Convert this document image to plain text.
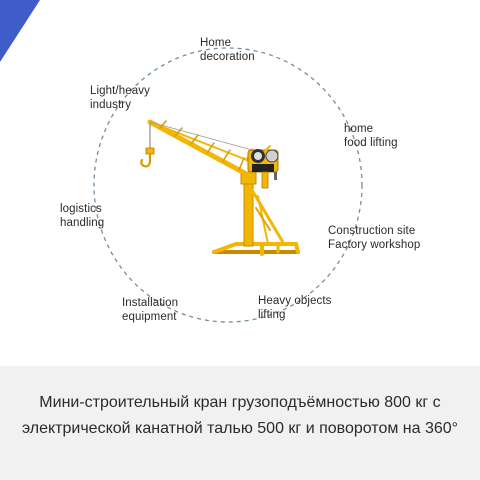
Home
decoration
Light/heavy
industry
home
food lifting
logistics
handling
Construction site
Factory workshop
Installation
equipment
Heavy objects
lifting
Мини-строительный кран грузоподъёмностью 800 кг с электрической канатной талью 500 кг и поворотом на 360°
